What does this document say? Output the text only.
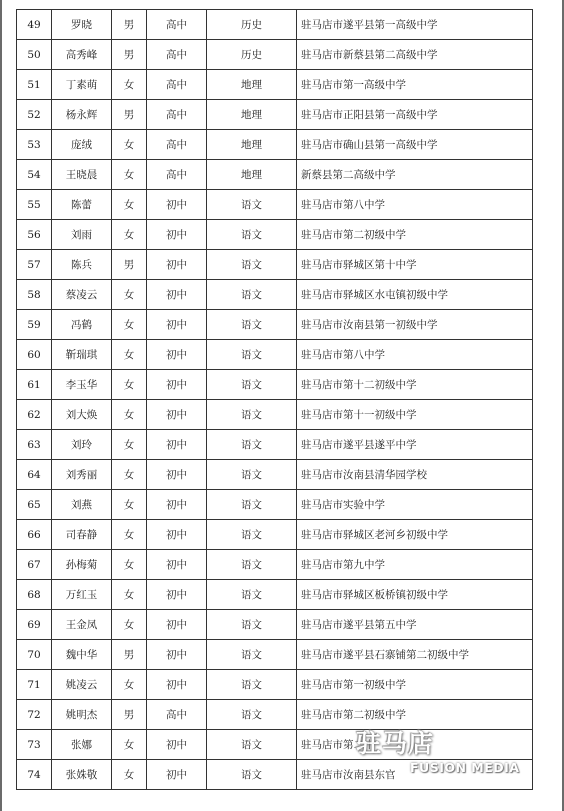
49	罗晓	男	高中	历史	驻马店市遂平县第一高级中学
50	高秀峰	男	高中	历史	驻马店市新蔡县第二高级中学
51	丁素萌	女	高中	地理	驻马店市第一高级中学
52	杨永辉	男	高中	地理	驻马店市正阳县第一高级中学
53	庞绒	女	高中	地理	驻马店市确山县第一高级中学
54	王晓晨	女	高中	地理	新蔡县第二高级中学
55	陈蕾	女	初中	语文	驻马店市第八中学
56	刘雨	女	初中	语文	驻马店市第二初级中学
57	陈兵	男	初中	语文	驻马店市驿城区第十中学
58	蔡凌云	女	初中	语文	驻马店市驿城区水屯镇初级中学
59	冯鹤	女	初中	语文	驻马店市汝南县第一初级中学
60	靳瑞琪	女	初中	语文	驻马店市第八中学
61	李玉华	女	初中	语文	驻马店市第十二初级中学
62	刘大焕	女	初中	语文	驻马店市第十一初级中学
63	刘玲	女	初中	语文	驻马店市遂平县遂平中学
64	刘秀丽	女	初中	语文	驻马店市汝南县清华园学校
65	刘燕	女	初中	语文	驻马店市实验中学
66	司春静	女	初中	语文	驻马店市驿城区老河乡初级中学
67	孙梅菊	女	初中	语文	驻马店市第九中学
68	万红玉	女	初中	语文	驻马店市驿城区板桥镇初级中学
69	王金凤	女	初中	语文	驻马店市遂平县第五中学
70	魏中华	男	初中	语文	驻马店市遂平县石寨铺第二初级中学
71	姚凌云	女	初中	语文	驻马店市第一初级中学
72	姚明杰	男	高中	语文	驻马店市第二初级中学
73	张娜	女	初中	语文	驻马店市第二十
74	张姝敬	女	初中	语文	驻马店市汝南县东官
驻马店
FUSION MEDIA
